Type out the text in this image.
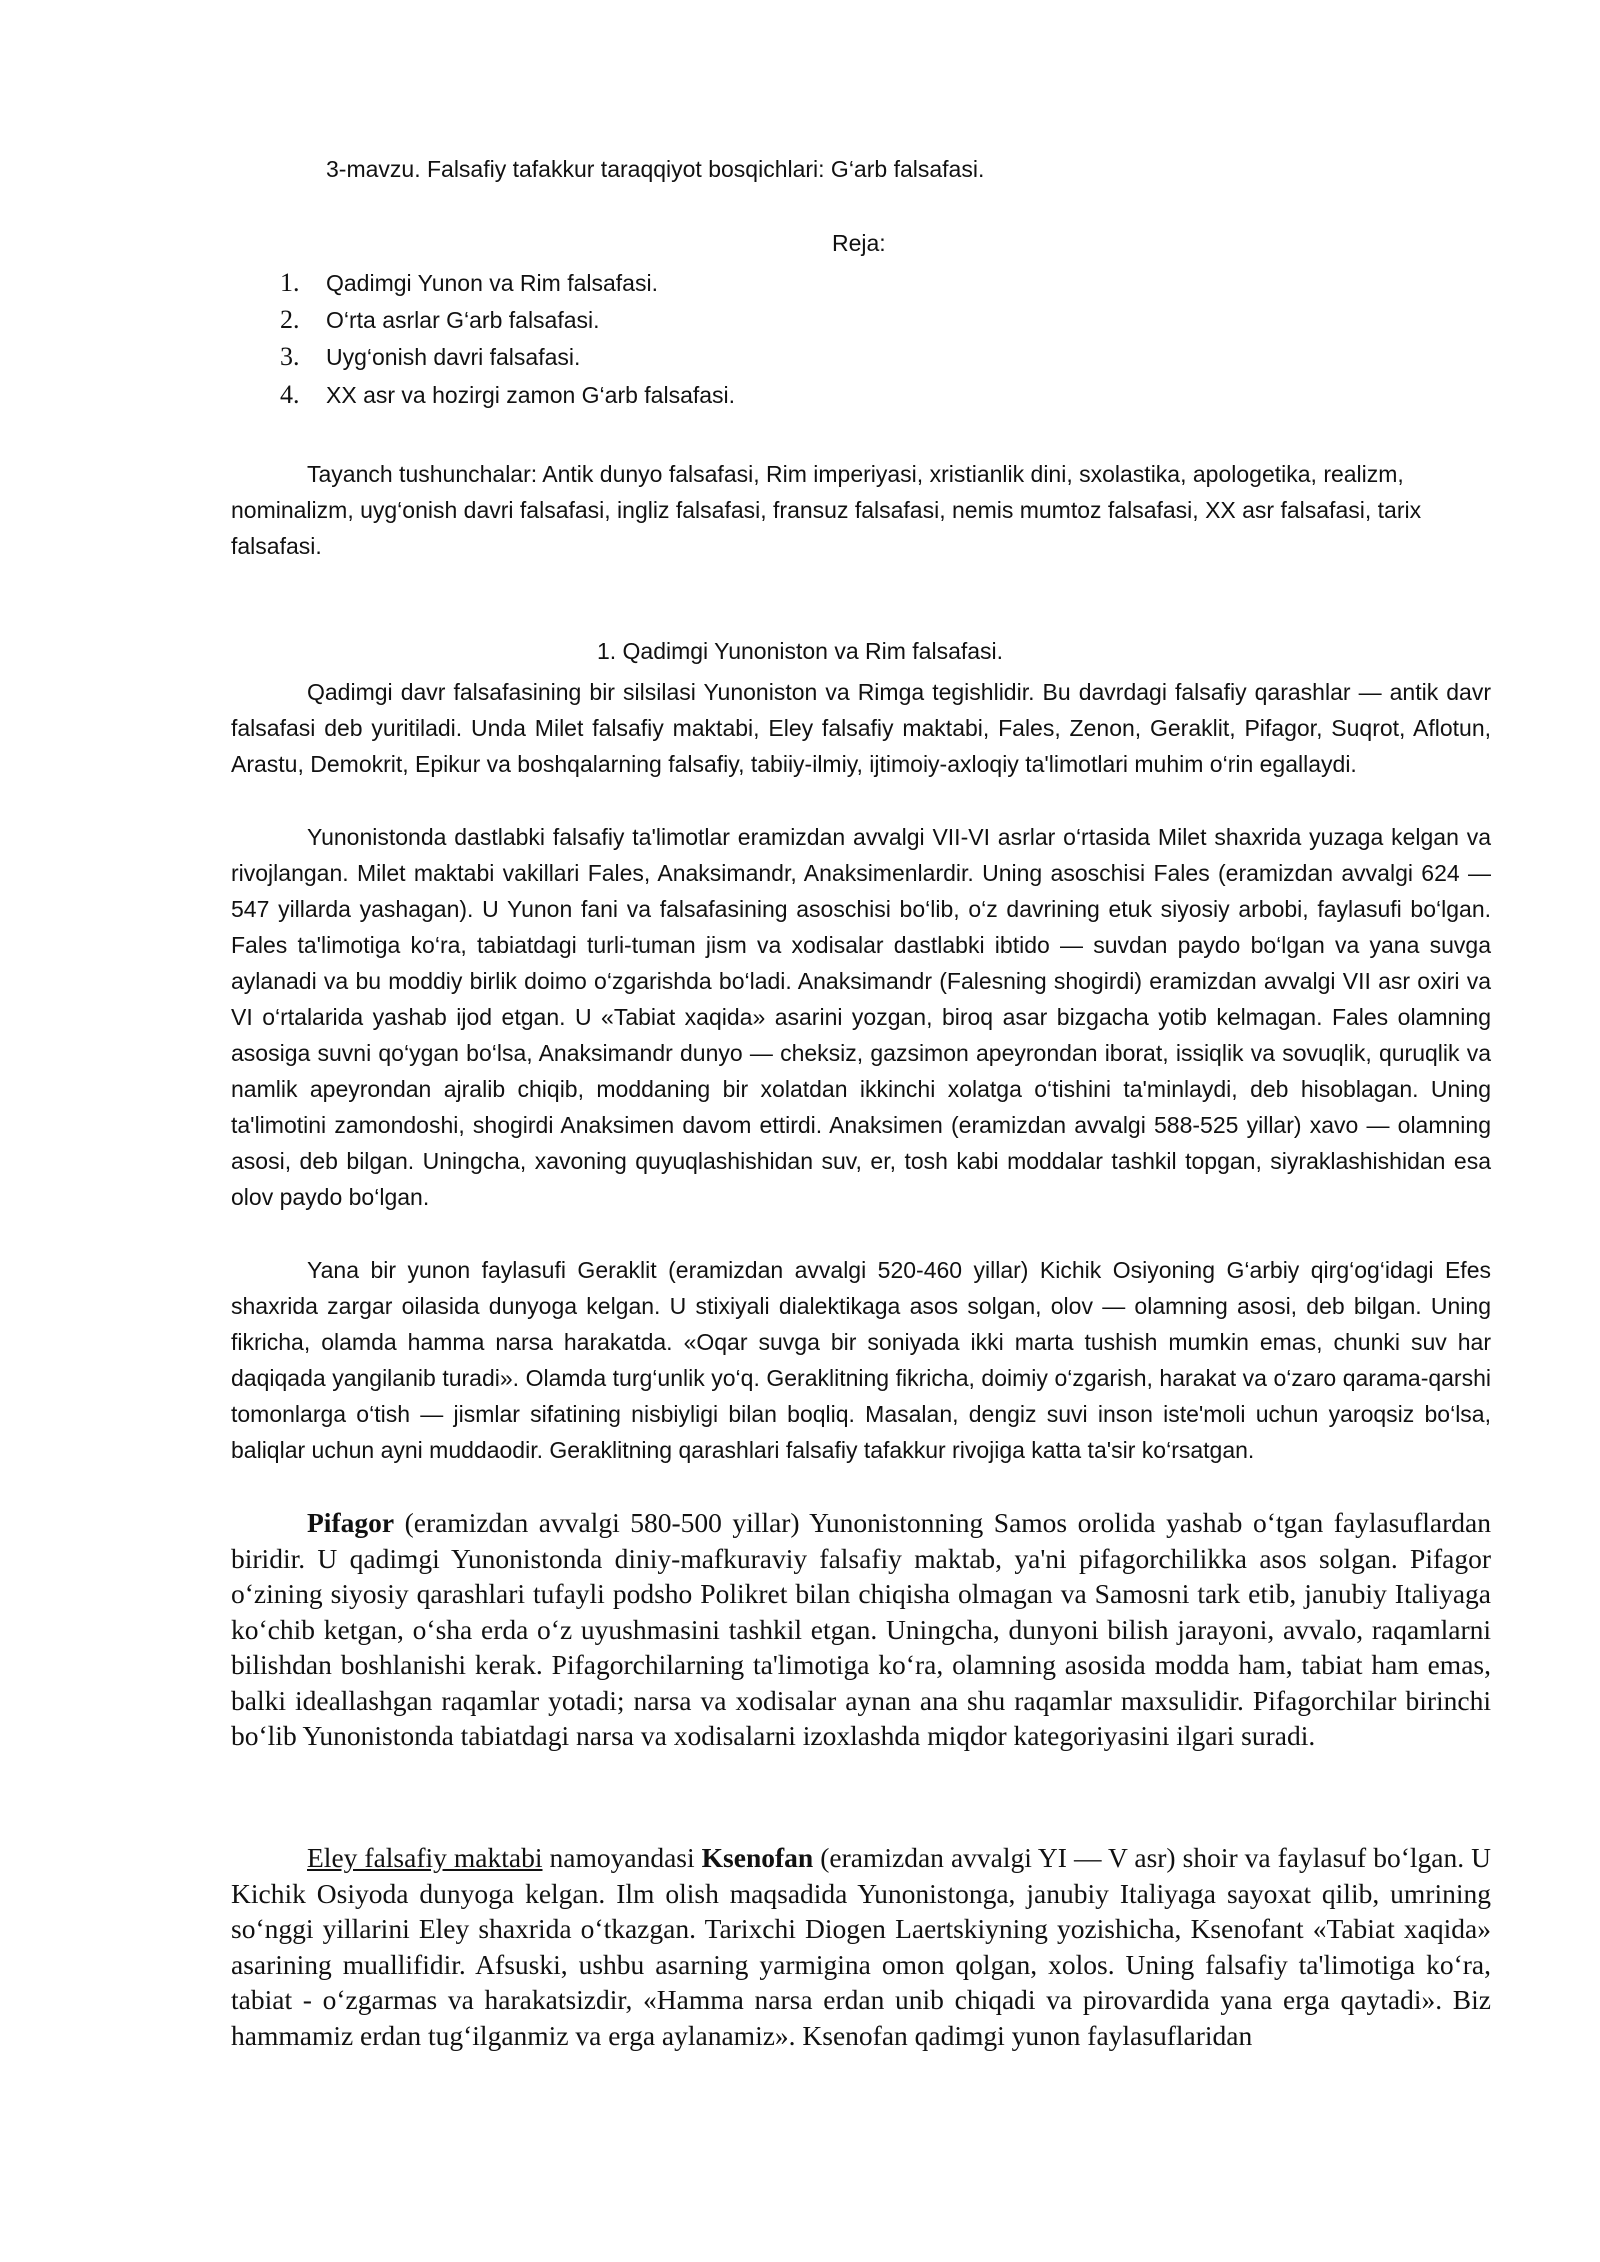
3-mavzu. Falsafiy tafakkur taraqqiyot bosqichlari: G‘arb falsafasi.
Reja:
1. Qadimgi Yunon va Rim falsafasi.
2. O‘rta asrlar G‘arb falsafasi.
3. Uyg‘onish davri falsafasi.
4. XX asr va hozirgi zamon G‘arb falsafasi.

Tayanch tushunchalar: Antik dunyo falsafasi, Rim imperiyasi, xristianlik dini, sxolastika, apologetika, realizm, nominalizm, uyg‘onish davri falsafasi, ingliz falsafasi, fransuz falsafasi, nemis mumtoz falsafasi, XX asr falsafasi, tarix falsafasi.

1. Qadimgi Yunoniston va Rim falsafasi.

Qadimgi davr falsafasining bir silsilasi Yunoniston va Rimga tegishlidir. Bu davrdagi falsafiy qarashlar — antik davr falsafasi deb yuritiladi. Unda Milet falsafiy maktabi, Eley falsafiy maktabi, Fales, Zenon, Geraklit, Pifagor, Suqrot, Aflotun, Arastu, Demokrit, Epikur va boshqalarning falsafiy, tabiiy-ilmiy, ijtimoiy-axloqiy ta'limotlari muhim o‘rin egallaydi.

Yunonistonda dastlabki falsafiy ta'limotlar eramizdan avvalgi VII-VI asrlar o‘rtasida Milet shaxrida yuzaga kelgan va rivojlangan. Milet maktabi vakillari Fales, Anaksimandr, Anaksimenlardir. Uning asoschisi Fales (eramizdan avvalgi 624 — 547 yillarda yashagan). U Yunon fani va falsafasining asoschisi bo‘lib, o‘z davrining etuk siyosiy arbobi, faylasufi bo‘lgan. Fales ta'limotiga ko‘ra, tabiatdagi turli-tuman jism va xodisalar dastlabki ibtido — suvdan paydo bo‘lgan va yana suvga aylanadi va bu moddiy birlik doimo o‘zgarishda bo‘ladi. Anaksimandr (Falesning shogirdi) eramizdan avvalgi VII asr oxiri va VI o‘rtalarida yashab ijod etgan. U «Tabiat xaqida» asarini yozgan, biroq asar bizgacha yotib kelmagan. Fales olamning asosiga suvni qo‘ygan bo‘lsa, Anaksimandr dunyo — cheksiz, gazsimon apeyrondan iborat, issiqlik va sovuqlik, quruqlik va namlik apeyrondan ajralib chiqib, moddaning bir xolatdan ikkinchi xolatga o‘tishini ta'minlaydi, deb hisoblagan. Uning ta'limotini zamondoshi, shogirdi Anaksimen davom ettirdi. Anaksimen (eramizdan avvalgi 588-525 yillar) xavo — olamning asosi, deb bilgan. Uningcha, xavoning quyuqlashishidan suv, er, tosh kabi moddalar tashkil topgan, siyraklashishidan esa olov paydo bo‘lgan.

Yana bir yunon faylasufi Geraklit (eramizdan avvalgi 520-460 yillar) Kichik Osiyoning G‘arbiy qirg‘og‘idagi Efes shaxrida zargar oilasida dunyoga kelgan. U stixiyali dialektikaga asos solgan, olov — olamning asosi, deb bilgan. Uning fikricha, olamda hamma narsa harakatda. «Oqar suvga bir soniyada ikki marta tushish mumkin emas, chunki suv har daqiqada yangilanib turadi». Olamda turg‘unlik yo‘q. Geraklitning fikricha, doimiy o‘zgarish, harakat va o‘zaro qarama-qarshi tomonlarga o‘tish — jismlar sifatining nisbiyligi bilan boqliq. Masalan, dengiz suvi inson iste'moli uchun yaroqsiz bo‘lsa, baliqlar uchun ayni muddaodir. Geraklitning qarashlari falsafiy tafakkur rivojiga katta ta'sir ko‘rsatgan.

Pifagor (eramizdan avvalgi 580-500 yillar) Yunonistonning Samos orolida yashab o‘tgan faylasuflardan biridir. U qadimgi Yunonistonda diniy-mafkuraviy falsafiy maktab, ya'ni pifagorchilikka asos solgan. Pifagor o‘zining siyosiy qarashlari tufayli podsho Polikret bilan chiqisha olmagan va Samosni tark etib, janubiy Italiyaga ko‘chib ketgan, o‘sha erda o‘z uyushmasini tashkil etgan. Uningcha, dunyoni bilish jarayoni, avvalo, raqamlarni bilishdan boshlanishi kerak. Pifagorchilarning ta'limotiga ko‘ra, olamning asosida modda ham, tabiat ham emas, balki ideallashgan raqamlar yotadi; narsa va xodisalar aynan ana shu raqamlar maxsulidir. Pifagorchilar birinchi bo‘lib Yunonistonda tabiatdagi narsa va xodisalarni izoxlashda miqdor kategoriyasini ilgari suradi.

Eley falsafiy maktabi namoyandasi Ksenofan (eramizdan avvalgi YI — V asr) shoir va faylasuf bo‘lgan. U Kichik Osiyoda dunyoga kelgan. Ilm olish maqsadida Yunonistonga, janubiy Italiyaga sayoxat qilib, umrining so‘nggi yillarini Eley shaxrida o‘tkazgan. Tarixchi Diogen Laertskiyning yozishicha, Ksenofant «Tabiat xaqida» asarining muallifidir. Afsuski, ushbu asarning yarmigina omon qolgan, xolos. Uning falsafiy ta'limotiga ko‘ra, tabiat - o‘zgarmas va harakatsizdir, «Hamma narsa erdan unib chiqadi va pirovardida yana erga qaytadi». Biz hammamiz erdan tug‘ilganmiz va erga aylanamiz». Ksenofan qadimgi yunon faylasuflaridan
